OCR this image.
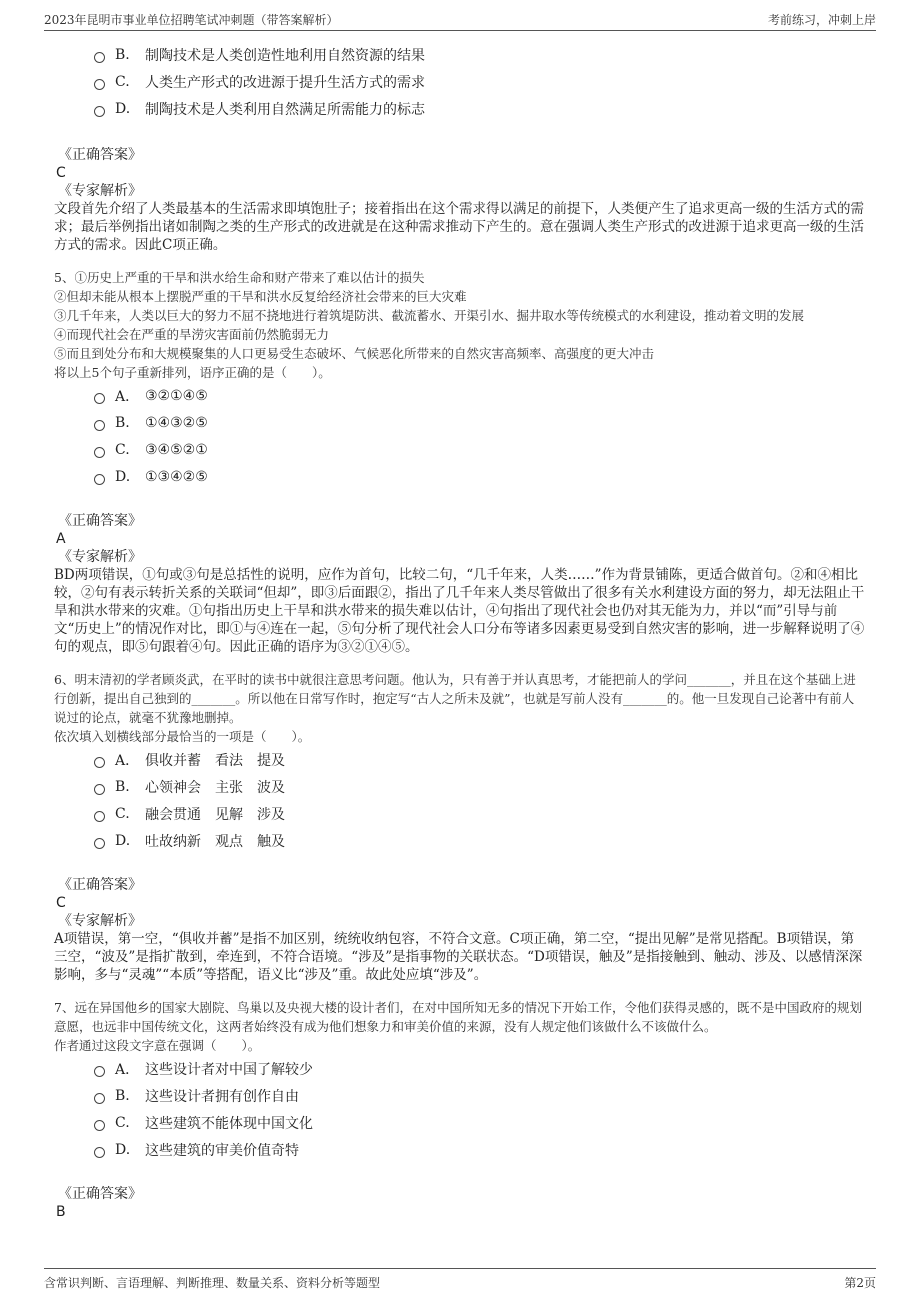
2023年昆明市事业单位招聘笔试冲刺题（带答案解析）	考前练习，冲刺上岸
B.	制陶技术是人类创造性地利用自然资源的结果
C.	人类生产形式的改进源于提升生活方式的需求
D.	制陶技术是人类利用自然满足所需能力的标志

《正确答案》

C

《专家解析》

文段首先介绍了人类最基本的生活需求即填饱肚子；接着指出在这个需求得以满足的前提下，人类便产生了追求更高一级的生活方式的需求；最后举例指出诸如制陶之类的生产形式的改进就是在这种需求推动下产生的。意在强调人类生产形式的改进源于追求更高一级的生活方式的需求。因此C项正确。

5、①历史上严重的干旱和洪水给生命和财产带来了难以估计的损失

②但却未能从根本上摆脱严重的干旱和洪水反复给经济社会带来的巨大灾难

③几千年来，人类以巨大的努力不屈不挠地进行着筑堤防洪、截流蓄水、开渠引水、掘井取水等传统模式的水利建设，推动着文明的发展

④而现代社会在严重的旱涝灾害面前仍然脆弱无力

⑤而且到处分布和大规模聚集的人口更易受生态破坏、气候恶化所带来的自然灾害高频率、高强度的更大冲击

将以上5个句子重新排列，语序正确的是（　　）。

A． ③②①④⑤
B.	①④③②⑤
C.	③④⑤②①
D.	①③④②⑤

《正确答案》

A

《专家解析》

BD两项错误，①句或③句是总括性的说明，应作为首句，比较二句，“几千年来，人类……”作为背景铺陈，更适合做首句。②和④相比较，②句有表示转折关系的关联词“但却”，即③后面跟②，指出了几千年来人类尽管做出了很多有关水利建设方面的努力，却无法阻止干旱和洪水带来的灾难。①句指出历史上干旱和洪水带来的损失难以估计，④句指出了现代社会也仍对其无能为力，并以“而”引导与前文“历史上”的情况作对比，即①与④连在一起，⑤句分析了现代社会人口分布等诸多因素更易受到自然灾害的影响，进一步解释说明了④句的观点，即⑤句跟着④句。因此正确的语序为③②①④⑤。

6、明末清初的学者顾炎武，在平时的读书中就很注意思考问题。他认为，只有善于并认真思考，才能把前人的学问_______，并且在这个基础上进行创新，提出自己独到的_______。所以他在日常写作时，抱定写“古人之所未及就”，也就是写前人没有_______的。他一旦发现自己论著中有前人说过的论点，就毫不犹豫地删掉。

依次填入划横线部分最恰当的一项是（　　）。

A． 俱收并蓄　看法　提及
B.	心领神会　主张　波及
C.	融会贯通　见解　涉及
D.	吐故纳新　观点　触及

《正确答案》

C

《专家解析》

A项错误，第一空，“俱收并蓄”是指不加区别，统统收纳包容，不符合文意。C项正确，第二空，“提出见解”是常见搭配。B项错误，第三空，“波及”是指扩散到，牵连到，不符合语境。“涉及”是指事物的关联状态。“D项错误，触及”是指接触到、触动、涉及、以感情深深影响，多与“灵魂”“本质”等搭配，语义比“涉及”重。故此处应填“涉及”。

7、远在异国他乡的国家大剧院、鸟巢以及央视大楼的设计者们，在对中国所知无多的情况下开始工作，令他们获得灵感的，既不是中国政府的规划意愿，也远非中国传统文化，这两者始终没有成为他们想象力和审美价值的来源，没有人规定他们该做什么不该做什么。

作者通过这段文字意在强调（　　）。

A． 这些设计者对中国了解较少
B.	这些设计者拥有创作自由
C.	这些建筑不能体现中国文化
D.	这些建筑的审美价值奇特

《正确答案》

B

含常识判断、言语理解、判断推理、数量关系、资料分析等题型	第2页
